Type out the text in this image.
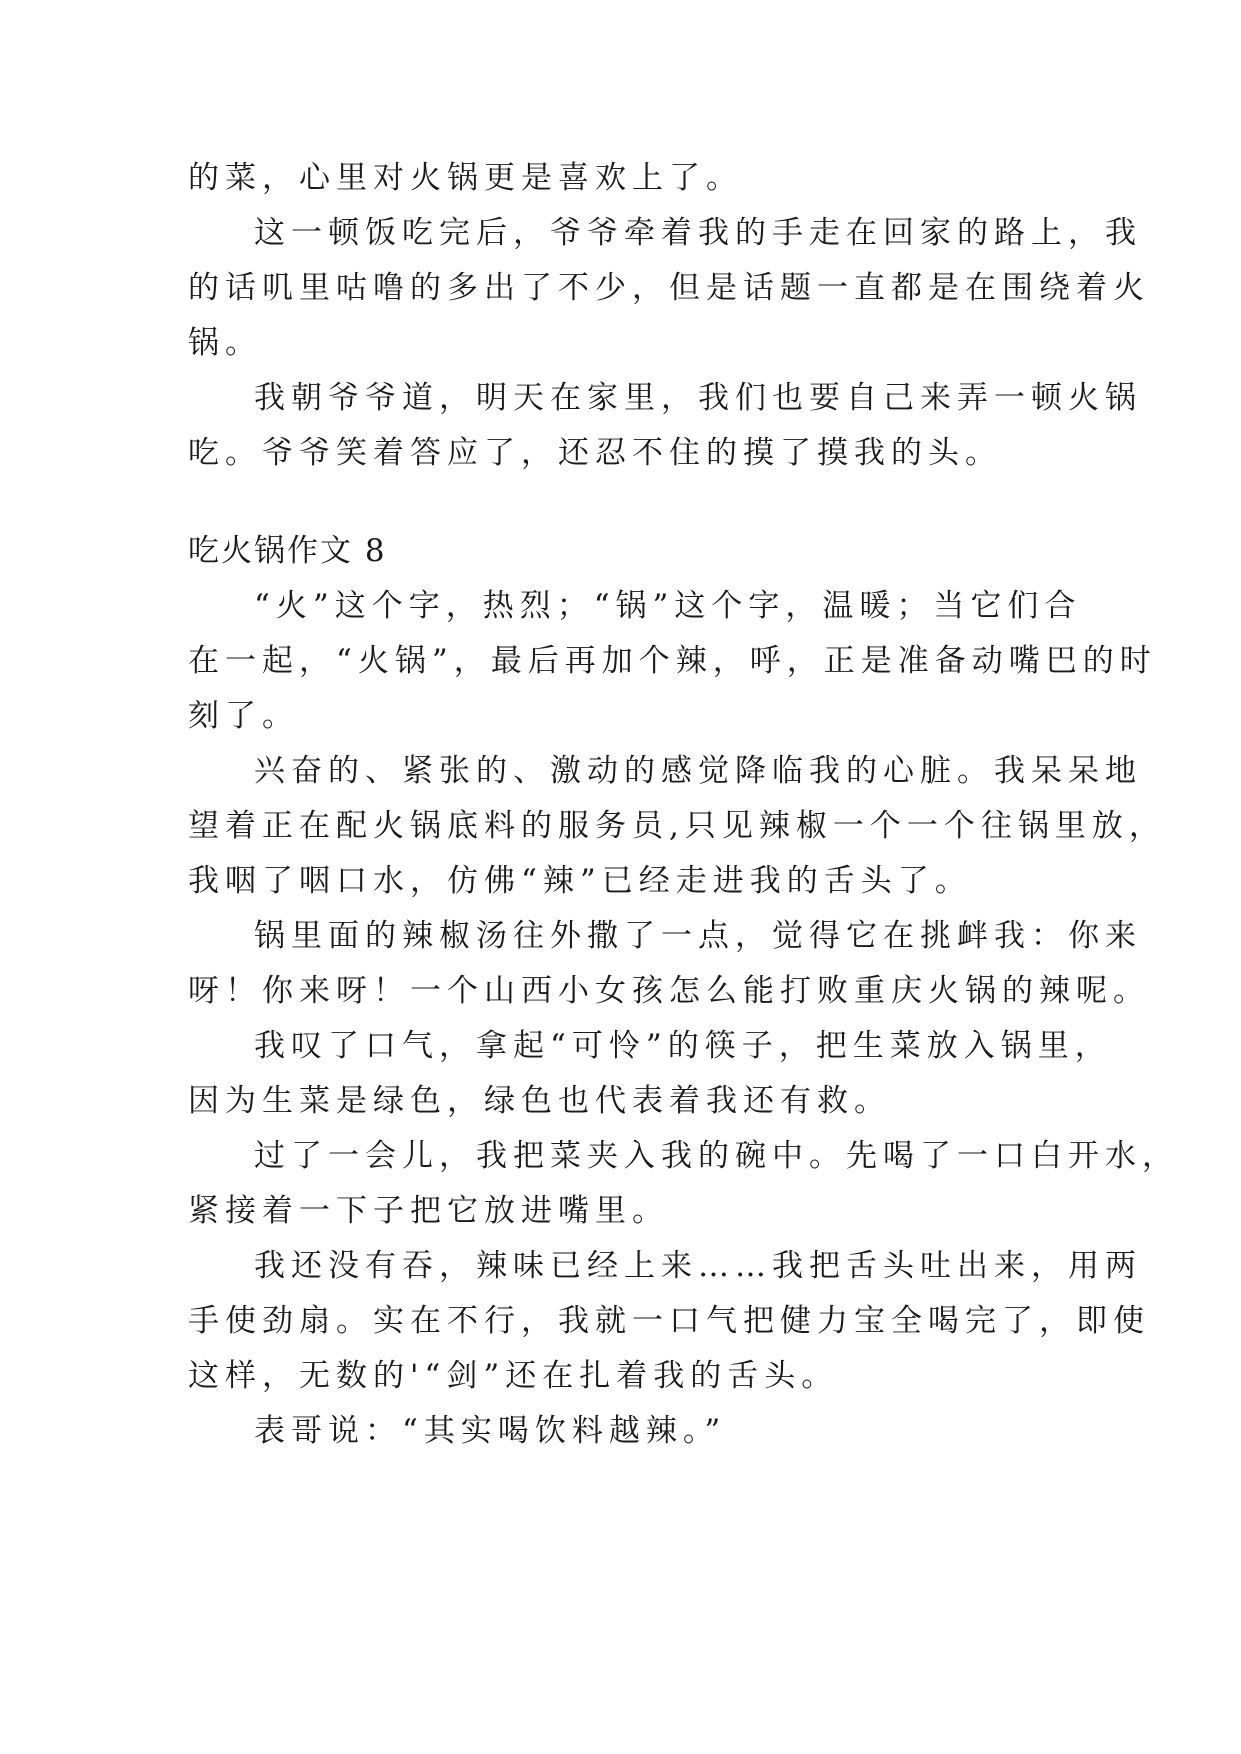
的菜，心里对火锅更是喜欢上了。
这一顿饭吃完后，爷爷牵着我的手走在回家的路上，我
的话叽里咕噜的多出了不少，但是话题一直都是在围绕着火
锅。
我朝爷爷道，明天在家里，我们也要自己来弄一顿火锅
吃。爷爷笑着答应了，还忍不住的摸了摸我的头。
吃火锅作文 8
“火”这个字，热烈；“锅”这个字，温暖；当它们合
在一起，“火锅”，最后再加个辣，呼，正是准备动嘴巴的时
刻了。
兴奋的、紧张的、激动的感觉降临我的心脏。我呆呆地
望着正在配火锅底料的服务员,只见辣椒一个一个往锅里放，
我咽了咽口水，仿佛“辣”已经走进我的舌头了。
锅里面的辣椒汤往外撒了一点，觉得它在挑衅我：你来
呀！你来呀！一个山西小女孩怎么能打败重庆火锅的辣呢。
我叹了口气，拿起“可怜”的筷子，把生菜放入锅里，
因为生菜是绿色，绿色也代表着我还有救。
过了一会儿，我把菜夹入我的碗中。先喝了一口白开水，
紧接着一下子把它放进嘴里。
我还没有吞，辣味已经上来……我把舌头吐出来，用两
手使劲扇。实在不行，我就一口气把健力宝全喝完了，即使
这样，无数的'“剑”还在扎着我的舌头。
表哥说：“其实喝饮料越辣。”
